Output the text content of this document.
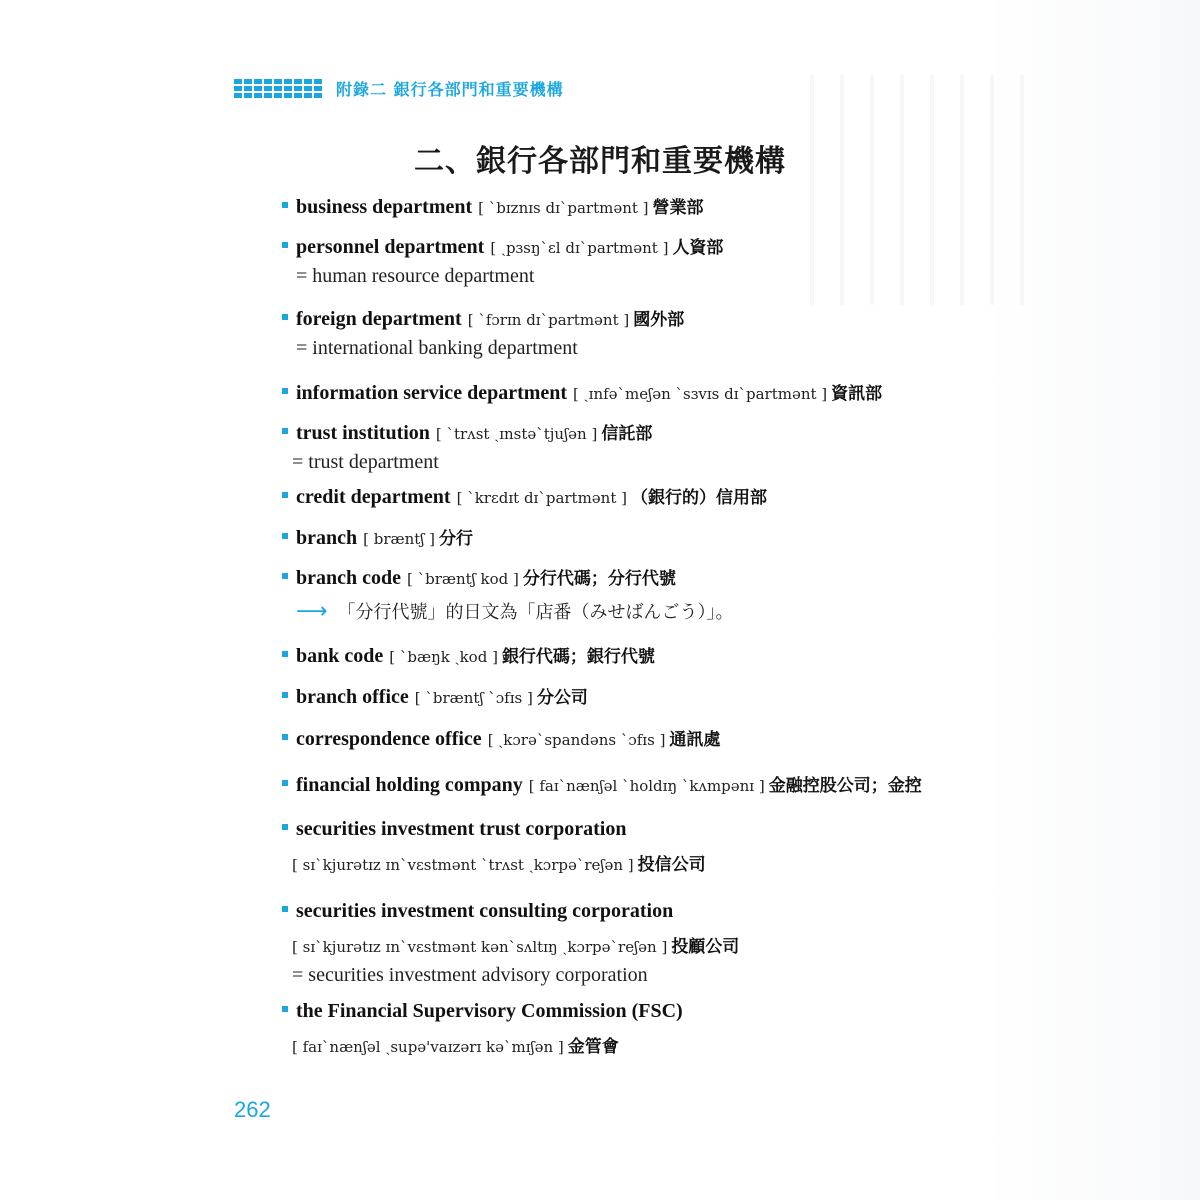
附錄二 銀行各部門和重要機構
二、銀行各部門和重要機構
business department [ `bɪznɪs dɪ`partmənt ] 營業部
personnel department [ ˏpɜsŋ`ɛl dɪ`partmənt ] 人資部
= human resource department
foreign department [ `fɔrɪn dɪ`partmənt ] 國外部
= international banking department
information service department [ ˏɪnfə`meʃən `sɜvɪs dɪ`partmənt ] 資訊部
trust institution [ `trʌst ˏɪnstə`tjuʃən ] 信託部
= trust department
credit department [ `krɛdɪt dɪ`partmənt ] （銀行的）信用部
branch [ bræntʃ ] 分行
branch code [ `bræntʃ kod ] 分行代碼；分行代號
⟶ 「分行代號」的日文為「店番（みせばんごう）」。
bank code [ `bæŋk ˏkod ] 銀行代碼；銀行代號
branch office [ `bræntʃ `ɔfɪs ] 分公司
correspondence office [ ˏkɔrə`spandəns `ɔfɪs ] 通訊處
financial holding company [ faɪ`nænʃəl `holdɪŋ `kʌmpənɪ ] 金融控股公司；金控
securities investment trust corporation
[ sɪ`kjurətɪz ɪn`vɛstmənt `trʌst ˏkɔrpə`reʃən ] 投信公司
securities investment consulting corporation
[ sɪ`kjurətɪz ɪn`vɛstmənt kən`sʌltɪŋ ˏkɔrpə`reʃən ] 投顧公司
= securities investment advisory corporation
the Financial Supervisory Commission (FSC)
[ faɪ`nænʃəl ˏsupə'vaɪzərɪ kə`mɪʃən ] 金管會
262
